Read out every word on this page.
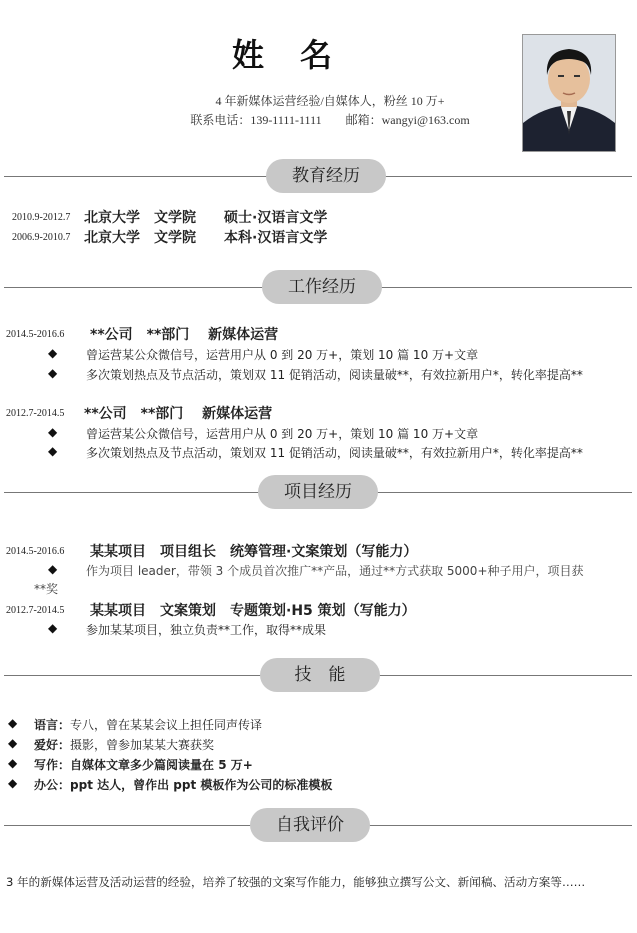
姓名
4 年新媒体运营经验/自媒体人，粉丝 10 万+
联系电话：139-1111-1111　　邮箱：wangyi@163.com
教育经历
2010.9-2012.7 北京大学　文学院　　硕士·汉语言文学
2006.9-2010.7 北京大学　文学院　　本科·汉语言文学
工作经历
2014.5-2016.6 **公司　**部门　 新媒体运营
◆ 曾运营某公众微信号，运营用户从 0 到 20 万+，策划 10 篇 10 万+文章
◆ 多次策划热点及节点活动，策划双 11 促销活动，阅读量破**，有效拉新用户*，转化率提高**
2012.7-2014.5 **公司　**部门　 新媒体运营
◆ 曾运营某公众微信号，运营用户从 0 到 20 万+，策划 10 篇 10 万+文章
◆ 多次策划热点及节点活动，策划双 11 促销活动，阅读量破**，有效拉新用户*，转化率提高**
项目经历
2014.5-2016.6 某某项目　项目组长　统筹管理·文案策划（写能力）
◆ 作为项目 leader，带领 3 个成员首次推广**产品，通过**方式获取 5000+种子用户，项目获
**奖
2012.7-2014.5 某某项目　文案策划　专题策划·H5 策划（写能力）
◆ 参加某某项目，独立负责**工作，取得**成果
技　能
◆ 语言：专八，曾在某某会议上担任同声传译
◆ 爱好：摄影，曾参加某某大赛获奖
◆ 写作：自媒体文章多少篇阅读量在 5 万+
◆ 办公：ppt 达人，曾作出 ppt 模板作为公司的标准模板
自我评价
3 年的新媒体运营及活动运营的经验，培养了较强的文案写作能力，能够独立撰写公文、新闻稿、活动方案等……
